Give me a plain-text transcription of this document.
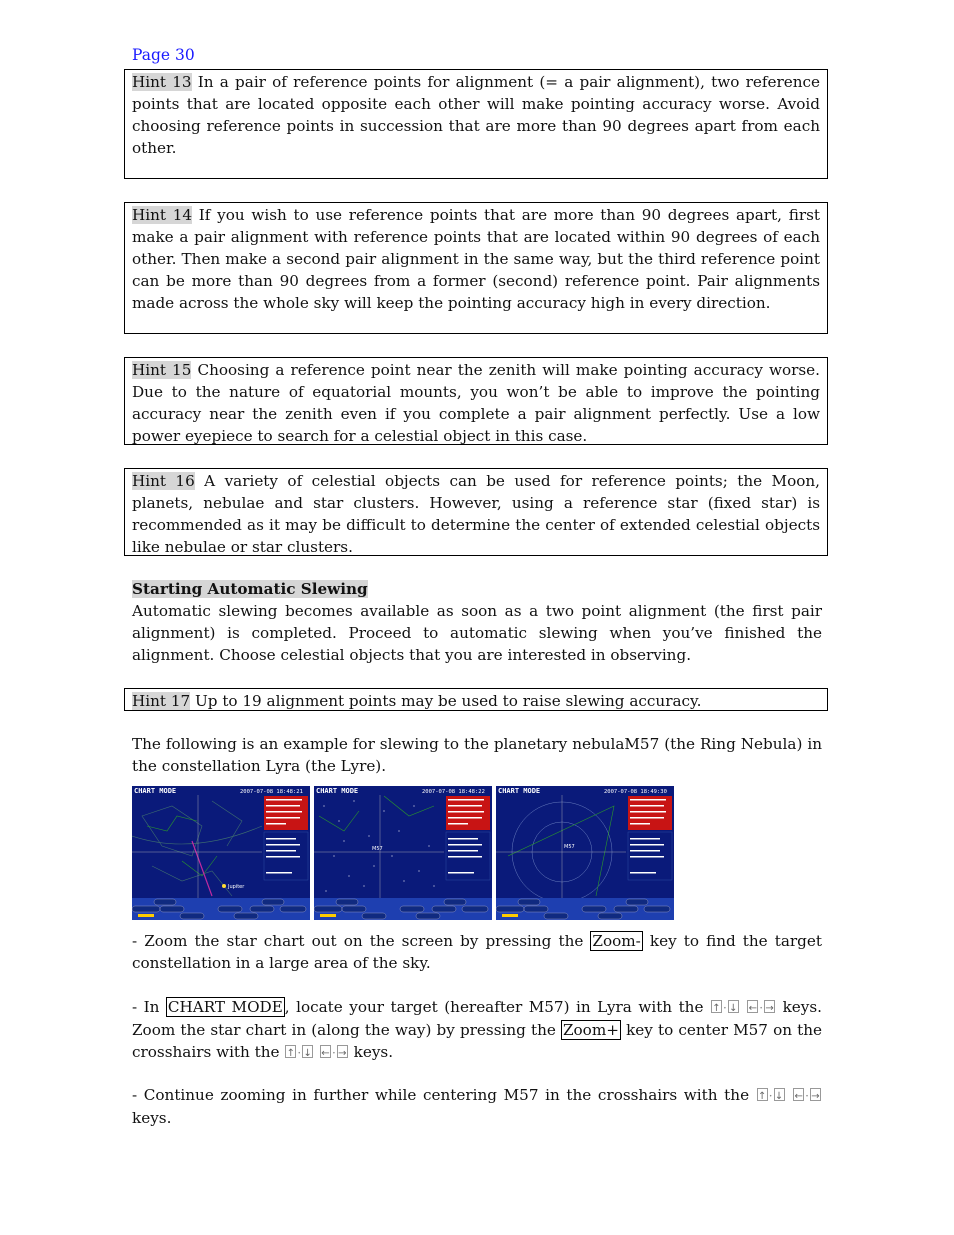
Page 30
Hint 13 In a pair of reference points for alignment (= a pair alignment), two reference points that are located opposite each other will make pointing accuracy worse. Avoid choosing reference points in succession that are more than 90 degrees apart from each other.
Hint 14 If you wish to use reference points that are more than 90 degrees apart, first make a pair alignment with reference points that are located within 90 degrees of each other. Then make a second pair alignment in the same way, but the third reference point can be more than 90 degrees from a former (second) reference point. Pair alignments made across the whole sky will keep the pointing accuracy high in every direction.
Hint 15 Choosing a reference point near the zenith will make pointing accuracy worse. Due to the nature of equatorial mounts, you won’t be able to improve the pointing accuracy near the zenith even if you complete a pair alignment perfectly. Use a low power eyepiece to search for a celestial object in this case.
Hint 16 A variety of celestial objects can be used for reference points; the Moon, planets, nebulae and star clusters. However, using a reference star (fixed star) is recommended as it may be difficult to determine the center of extended celestial objects like nebulae or star clusters.
Starting Automatic Slewing
Automatic slewing becomes available as soon as a two point alignment (the first pair alignment) is completed. Proceed to automatic slewing when you’ve finished the alignment. Choose celestial objects that you are interested in observing.
Hint 17 Up to 19 alignment points may be used to raise slewing accuracy.
The following is an example for slewing to the planetary nebulaM57 (the Ring Nebula) in the constellation Lyra (the Lyre).
CHART MODE	2007-07-08 18:48:21
Jupiter
CHART MODE	2007-07-08 18:48:22
M57
CHART MODE	2007-07-08 18:49:30
M57
- Zoom the star chart out on the screen by pressing the Zoom- key to find the target constellation in a large area of the sky.
- In CHART MODE , locate your target (hereafter M57) in Lyra with the ↑· ↓ ←	·→ keys. Zoom the star chart in (along the way) by pressing the Zoom+ key to center M57 on the crosshairs with the ↑· ↓ ←	·→ keys.
- Continue zooming in further while centering M57 in the crosshairs with the ↑· ↓ ←	·→ keys.
